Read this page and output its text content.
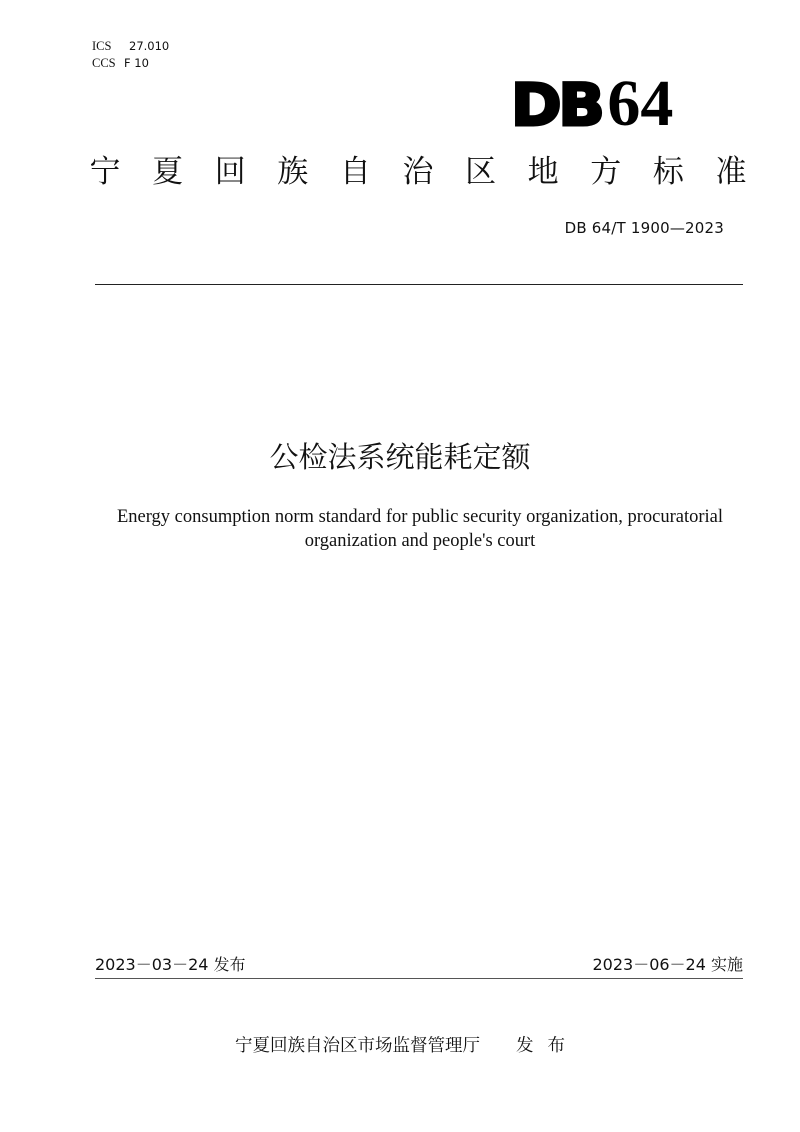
ICS	27.010
CCS F 10
DB 64
宁 夏 回 族 自 治 区 地 方 标 准
DB 64/T 1900—2023
公检法系统能耗定额
Energy consumption norm standard for public security organization, procuratorial organization and people's court
2023－03－24 发布	2023－06－24 实施
宁夏回族自治区市场监督管理厅 发 布
